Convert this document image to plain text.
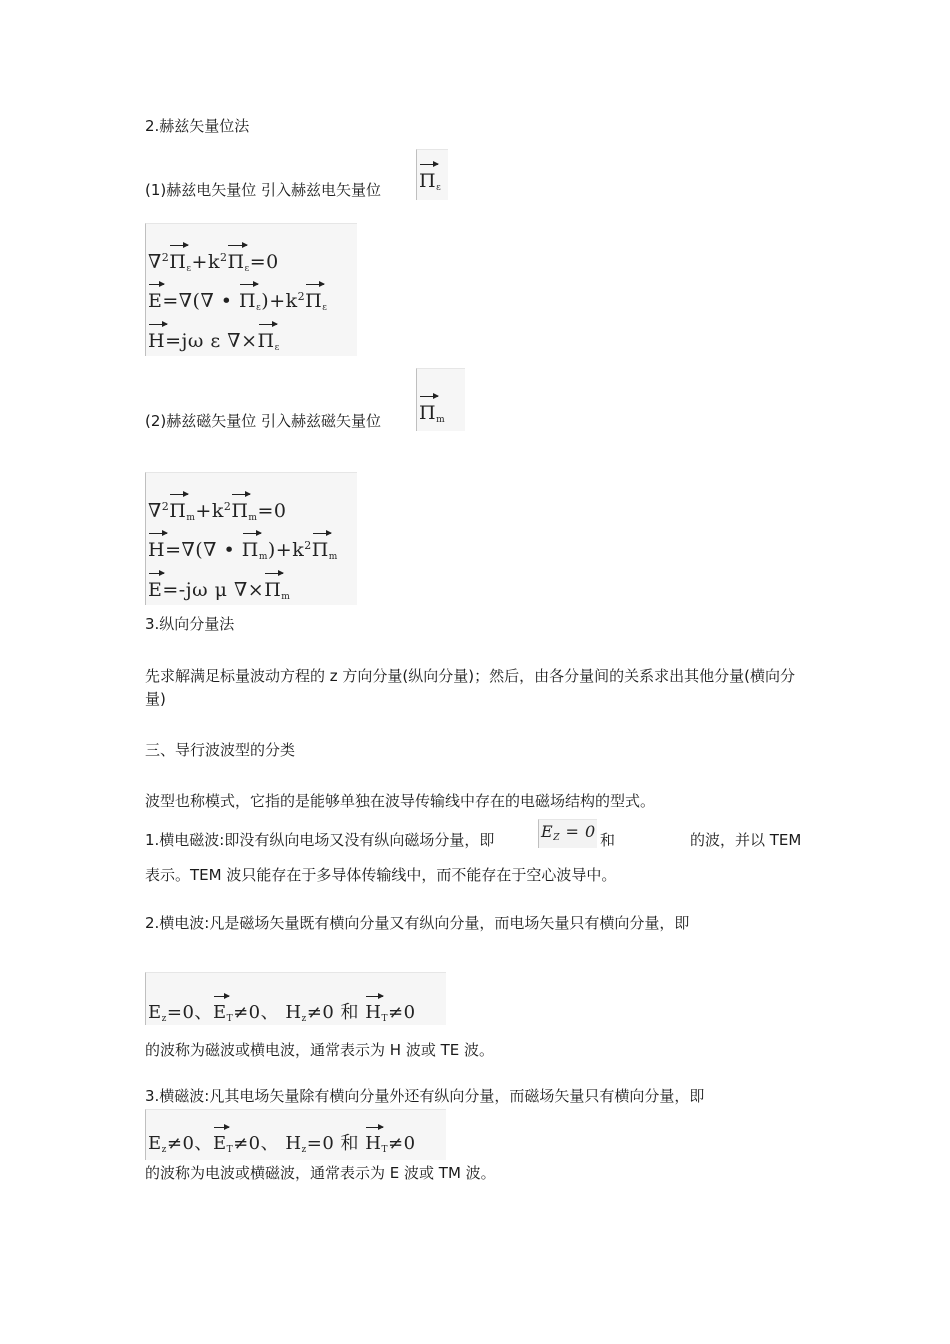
2.赫兹矢量位法
(1)赫兹电矢量位 引入赫兹电矢量位 $\Pi_\varepsilon$
$\nabla^2\Pi_\varepsilon+k^2\Pi_\varepsilon=0$
E=∇(∇ • $\Pi_\varepsilon)+k^2\Pi_\varepsilon$
H=jω ε $\nabla\times\Pi_\varepsilon$
(2)赫兹磁矢量位 引入赫兹磁矢量位 $\Pi_m$
$\nabla^2\Pi_m+k^2\Pi_m=0$
H=∇(∇ • $\Pi_m)+k^2\Pi_m$
E=-jω μ $\nabla\times\Pi_m$
3.纵向分量法
先求解满足标量波动方程的 z 方向分量(纵向分量)；然后，由各分量间的关系求出其他分量(横向分量)
三、导行波波型的分类
波型也称模式，它指的是能够单独在波导传输线中存在的电磁场结构的型式。
1.横电磁波:即没有纵向电场又没有纵向磁场分量，即	和	的波，并以 TEM
$E_Z = 0$
表示。TEM 波只能存在于多导体传输线中，而不能存在于空心波导中。
2.横电波:凡是磁场矢量既有横向分量又有纵向分量，而电场矢量只有横向分量，即
$E_z=0$、$E_T\ne 0$、 $H_z\ne 0$ 和 $H_T\ne 0$
的波称为磁波或横电波，通常表示为 H 波或 TE 波。
3.横磁波:凡其电场矢量除有横向分量外还有纵向分量，而磁场矢量只有横向分量，即
$E_z\ne 0$、$E_T\ne 0$、 $H_z=0$ 和 $H_T\ne 0$
的波称为电波或横磁波，通常表示为 E 波或 TM 波。
